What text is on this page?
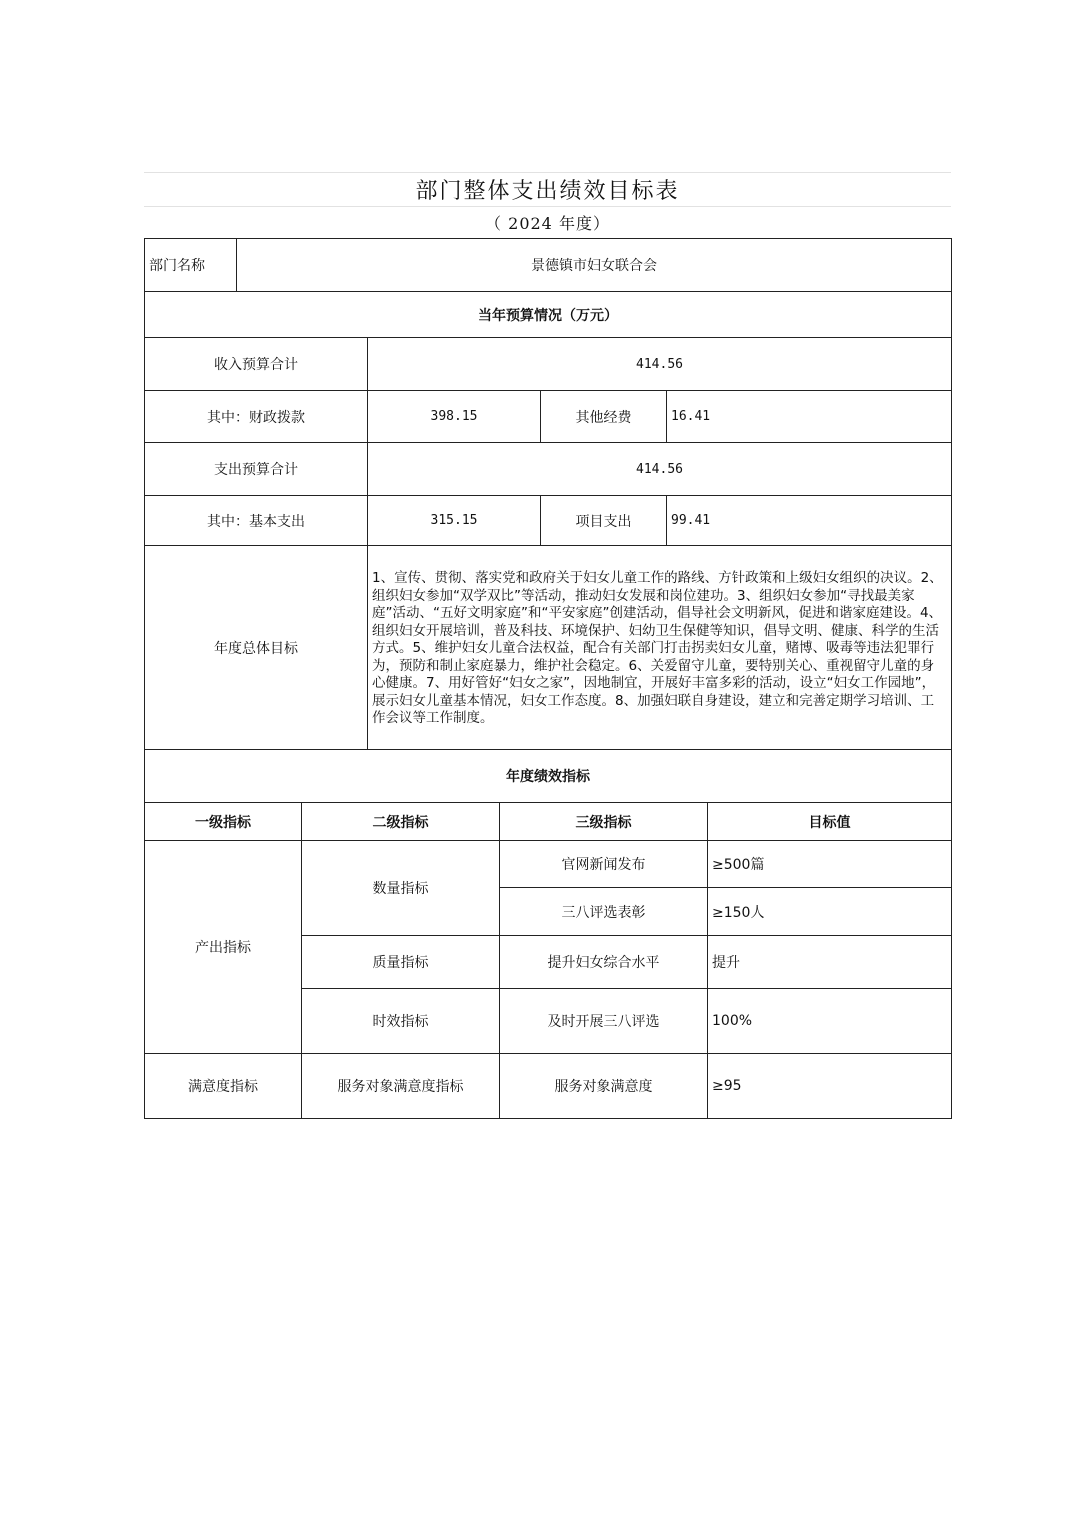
部门整体支出绩效目标表
（ 2024 年度）
部门名称	景德镇市妇女联合会						
当年预算情况（万元）							
收入预算合计			414.56				
其中：财政拨款			398.15		其他经费	16.41	
支出预算合计			414.56				
其中：基本支出			315.15		项目支出	99.41	
年度总体目标			1、宣传、贯彻、落实党和政府关于妇女儿童工作的路线、方针政策和上级妇女组织的决议。2、组织妇女参加“双学双比”等活动，推动妇女发展和岗位建功。3、组织妇女参加“寻找最美家庭”活动、“五好文明家庭”和“平安家庭”创建活动，倡导社会文明新风，促进和谐家庭建设。4、组织妇女开展培训，普及科技、环境保护、妇幼卫生保健等知识，倡导文明、健康、科学的生活方式。5、维护妇女儿童合法权益，配合有关部门打击拐卖妇女儿童，赌博、吸毒等违法犯罪行为，预防和制止家庭暴力，维护社会稳定。6、关爱留守儿童，要特别关心、重视留守儿童的身心健康。7、用好管好“妇女之家”，因地制宜，开展好丰富多彩的活动，设立“妇女工作园地”，展示妇女儿童基本情况，妇女工作态度。8、加强妇联自身建设，建立和完善定期学习培训、工作会议等工作制度。				
年度绩效指标							
一级指标		二级指标		三级指标			目标值
产出指标		数量指标		官网新闻发布			≥500篇
				三八评选表彰			≥150人
		质量指标		提升妇女综合水平			提升
		时效指标		及时开展三八评选			100%
满意度指标		服务对象满意度指标		服务对象满意度			≥95
